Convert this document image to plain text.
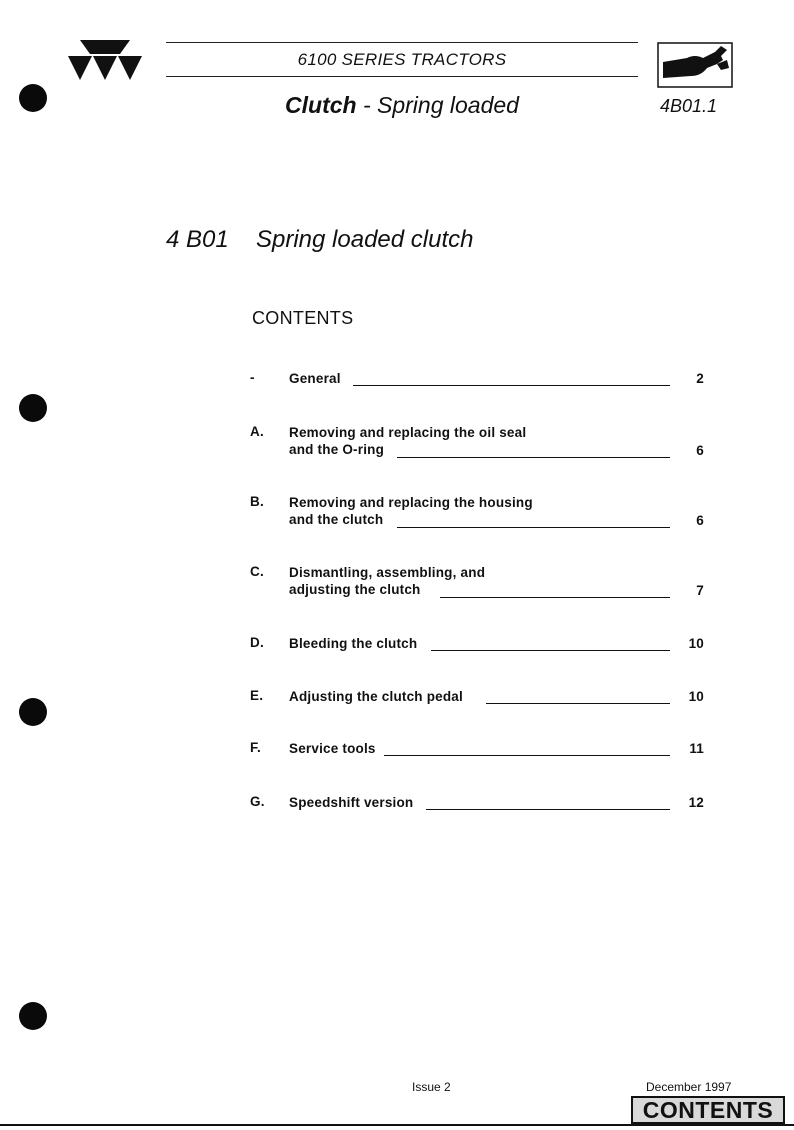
6100 SERIES TRACTORS
Clutch - Spring loaded	4B01.1
4 B01 Spring loaded clutch
CONTENTS
-	General	2
A. Removing and replacing the oil seal
and the O-ring	6
B. Removing and replacing the housing
and the clutch	6
C. Dismantling, assembling, and
adjusting the clutch	7
D. Bleeding the clutch	10
E. Adjusting the clutch pedal	10
F. Service tools	11
G. Speedshift version	12
Issue 2	December 1997
CONTENTS
